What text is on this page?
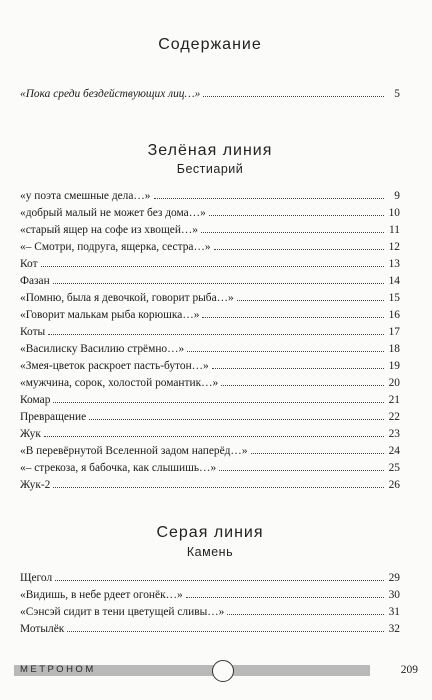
Содержание
«Пока среди бездействующих лиц…»	5
Зелёная линия
Бестиарий
«у поэта смешные дела…»	9
«добрый малый не может без дома…»	10
«старый ящер на софе из хвощей…»	11
«– Смотри, подруга, ящерка, сестра…»	12
Кот	13
Фазан	14
«Помню, была я девочкой, говорит рыба…»	15
«Говорит малькам рыба корюшка…»	16
Коты	17
«Василиску Василию стрёмно…»	18
«Змея-цветок раскроет пасть-бутон…»	19
«мужчина, сорок, холостой романтик…»	20
Комар	21
Превращение	22
Жук	23
«В перевёрнутой Вселенной задом наперёд…»	24
«– стрекоза, я бабочка, как слышишь…»	25
Жук-2	26
Серая линия
Камень
Щегол	29
«Видишь, в небе рдеет огонёк…»	30
«Сэнсэй сидит в тени цветущей сливы…»	31
Мотылёк	32
МЕТРОНОМ	209
